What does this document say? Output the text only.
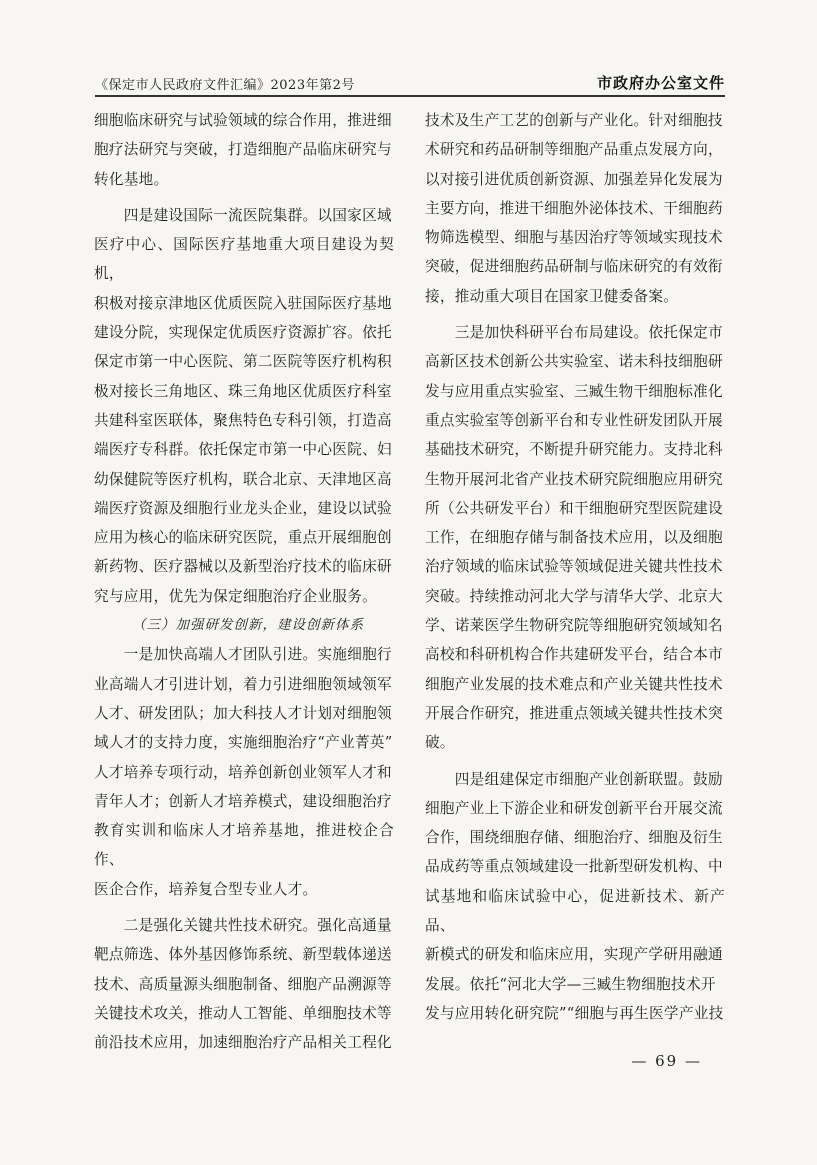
《保定市人民政府文件汇编》2023年第2号	市政府办公室文件

细胞临床研究与试验领域的综合作用，推进细

胞疗法研究与突破，打造细胞产品临床研究与

转化基地。

　　四是建设国际一流医院集群。以国家区域

医疗中心、国际医疗基地重大项目建设为契机，

积极对接京津地区优质医院入驻国际医疗基地

建设分院，实现保定优质医疗资源扩容。依托

保定市第一中心医院、第二医院等医疗机构积

极对接长三角地区、珠三角地区优质医疗科室

共建科室医联体，聚焦特色专科引领，打造高

端医疗专科群。依托保定市第一中心医院、妇

幼保健院等医疗机构，联合北京、天津地区高

端医疗资源及细胞行业龙头企业，建设以试验

应用为核心的临床研究医院，重点开展细胞创

新药物、医疗器械以及新型治疗技术的临床研

究与应用，优先为保定细胞治疗企业服务。

（三）加强研发创新，建设创新体系

　　一是加快高端人才团队引进。实施细胞行

业高端人才引进计划，着力引进细胞领域领军

人才、研发团队；加大科技人才计划对细胞领

域人才的支持力度，实施细胞治疗“产业菁英”

人才培养专项行动，培养创新创业领军人才和

青年人才；创新人才培养模式，建设细胞治疗

教育实训和临床人才培养基地，推进校企合作、

医企合作，培养复合型专业人才。

　　二是强化关键共性技术研究。强化高通量

靶点筛选、体外基因修饰系统、新型载体递送

技术、高质量源头细胞制备、细胞产品溯源等

关键技术攻关，推动人工智能、单细胞技术等

前沿技术应用，加速细胞治疗产品相关工程化

技术及生产工艺的创新与产业化。针对细胞技

术研究和药品研制等细胞产品重点发展方向，

以对接引进优质创新资源、加强差异化发展为

主要方向，推进干细胞外泌体技术、干细胞药

物筛选模型、细胞与基因治疗等领域实现技术

突破，促进细胞药品研制与临床研究的有效衔

接，推动重大项目在国家卫健委备案。

　　三是加快科研平台布局建设。依托保定市

高新区技术创新公共实验室、诺未科技细胞研

发与应用重点实验室、三臧生物干细胞标准化

重点实验室等创新平台和专业性研发团队开展

基础技术研究，不断提升研究能力。支持北科

生物开展河北省产业技术研究院细胞应用研究

所（公共研发平台）和干细胞研究型医院建设

工作，在细胞存储与制备技术应用，以及细胞

治疗领域的临床试验等领域促进关键共性技术

突破。持续推动河北大学与清华大学、北京大

学、诺莱医学生物研究院等细胞研究领域知名

高校和科研机构合作共建研发平台，结合本市

细胞产业发展的技术难点和产业关键共性技术

开展合作研究，推进重点领域关键共性技术突

破。

　　四是组建保定市细胞产业创新联盟。鼓励

细胞产业上下游企业和研发创新平台开展交流

合作，围绕细胞存储、细胞治疗、细胞及衍生

品成药等重点领域建设一批新型研发机构、中

试基地和临床试验中心，促进新技术、新产品、

新模式的研发和临床应用，实现产学研用融通

发展。依托“河北大学—三臧生物细胞技术开

发与应用转化研究院”“细胞与再生医学产业技

— 69 —
